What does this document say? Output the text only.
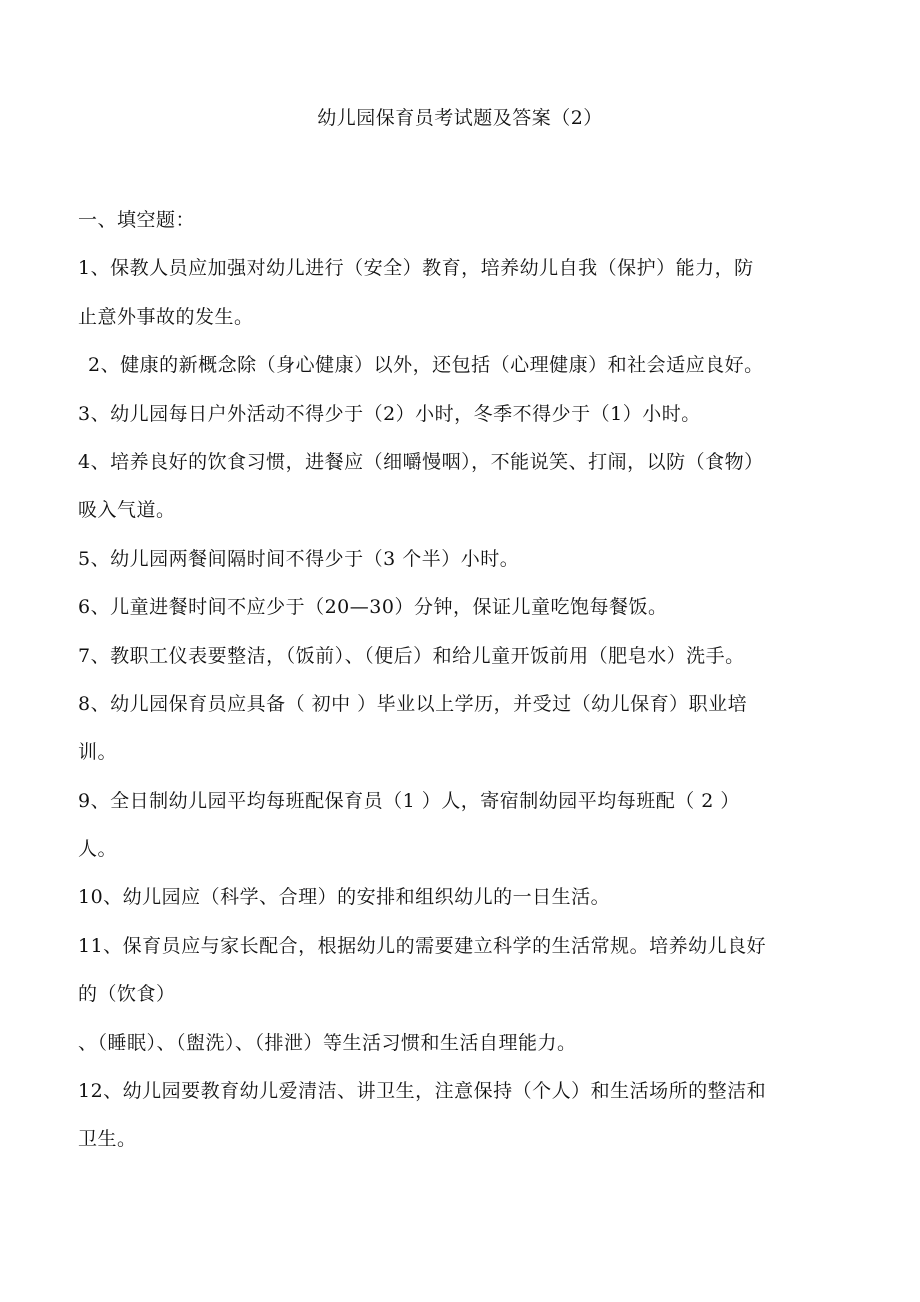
幼儿园保育员考试题及答案（2）

一、填空题：

1、保教人员应加强对幼儿进行（安全）教育，培养幼儿自我（保护）能力，防

止意外事故的发生。

2、健康的新概念除（身心健康）以外，还包括（心理健康）和社会适应良好。

3、幼儿园每日户外活动不得少于（2）小时，冬季不得少于（1）小时。

4、培养良好的饮食习惯，进餐应（细嚼慢咽），不能说笑、打闹，以防（食物）

吸入气道。

5、幼儿园两餐间隔时间不得少于（3 个半）小时。

6、儿童进餐时间不应少于（20—30）分钟，保证儿童吃饱每餐饭。

7、教职工仪表要整洁，（饭前）、（便后）和给儿童开饭前用（肥皂水）洗手。

8、幼儿园保育员应具备（ 初中 ）毕业以上学历，并受过（幼儿保育）职业培

训。

9、全日制幼儿园平均每班配保育员（1 ）人，寄宿制幼园平均每班配（ 2 ）

人。

10、幼儿园应（科学、合理）的安排和组织幼儿的一日生活。

11、保育员应与家长配合，根据幼儿的需要建立科学的生活常规。培养幼儿良好

的（饮食）

、（睡眠）、（盥洗）、（排泄）等生活习惯和生活自理能力。

12、幼儿园要教育幼儿爱清洁、讲卫生，注意保持（个人）和生活场所的整洁和

卫生。
